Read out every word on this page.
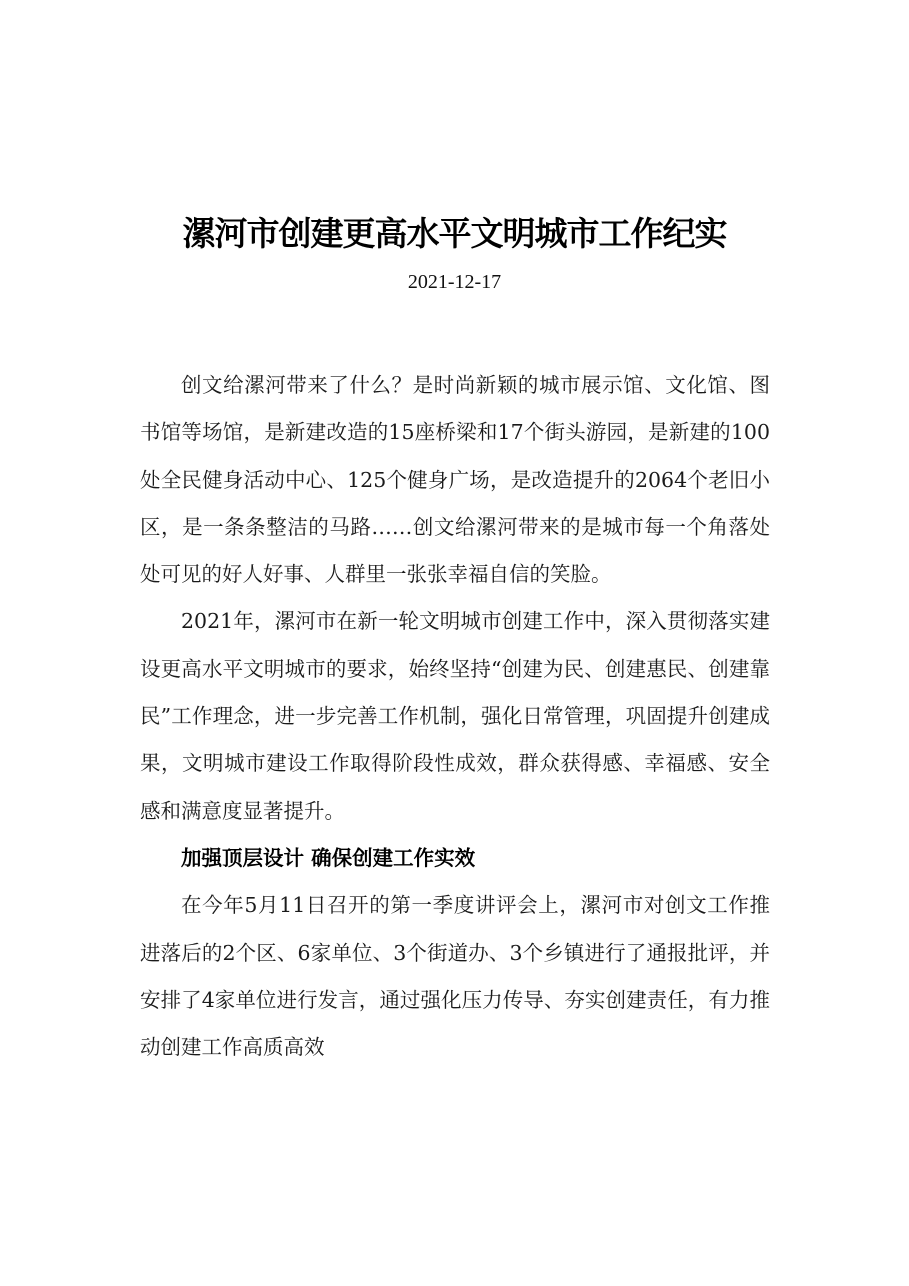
漯河市创建更高水平文明城市工作纪实
2021-12-17

创文给漯河带来了什么？是时尚新颖的城市展示馆、文化馆、图书馆等场馆，是新建改造的15座桥梁和17个街头游园，是新建的100处全民健身活动中心、125个健身广场，是改造提升的2064个老旧小区，是一条条整洁的马路……创文给漯河带来的是城市每一个角落处处可见的好人好事、人群里一张张幸福自信的笑脸。

2021年，漯河市在新一轮文明城市创建工作中，深入贯彻落实建设更高水平文明城市的要求，始终坚持“创建为民、创建惠民、创建靠民”工作理念，进一步完善工作机制，强化日常管理，巩固提升创建成果，文明城市建设工作取得阶段性成效，群众获得感、幸福感、安全感和满意度显著提升。

加强顶层设计 确保创建工作实效

在今年5月11日召开的第一季度讲评会上，漯河市对创文工作推进落后的2个区、6家单位、3个街道办、3个乡镇进行了通报批评，并安排了4家单位进行发言，通过强化压力传导、夯实创建责任，有力推动创建工作高质高效
